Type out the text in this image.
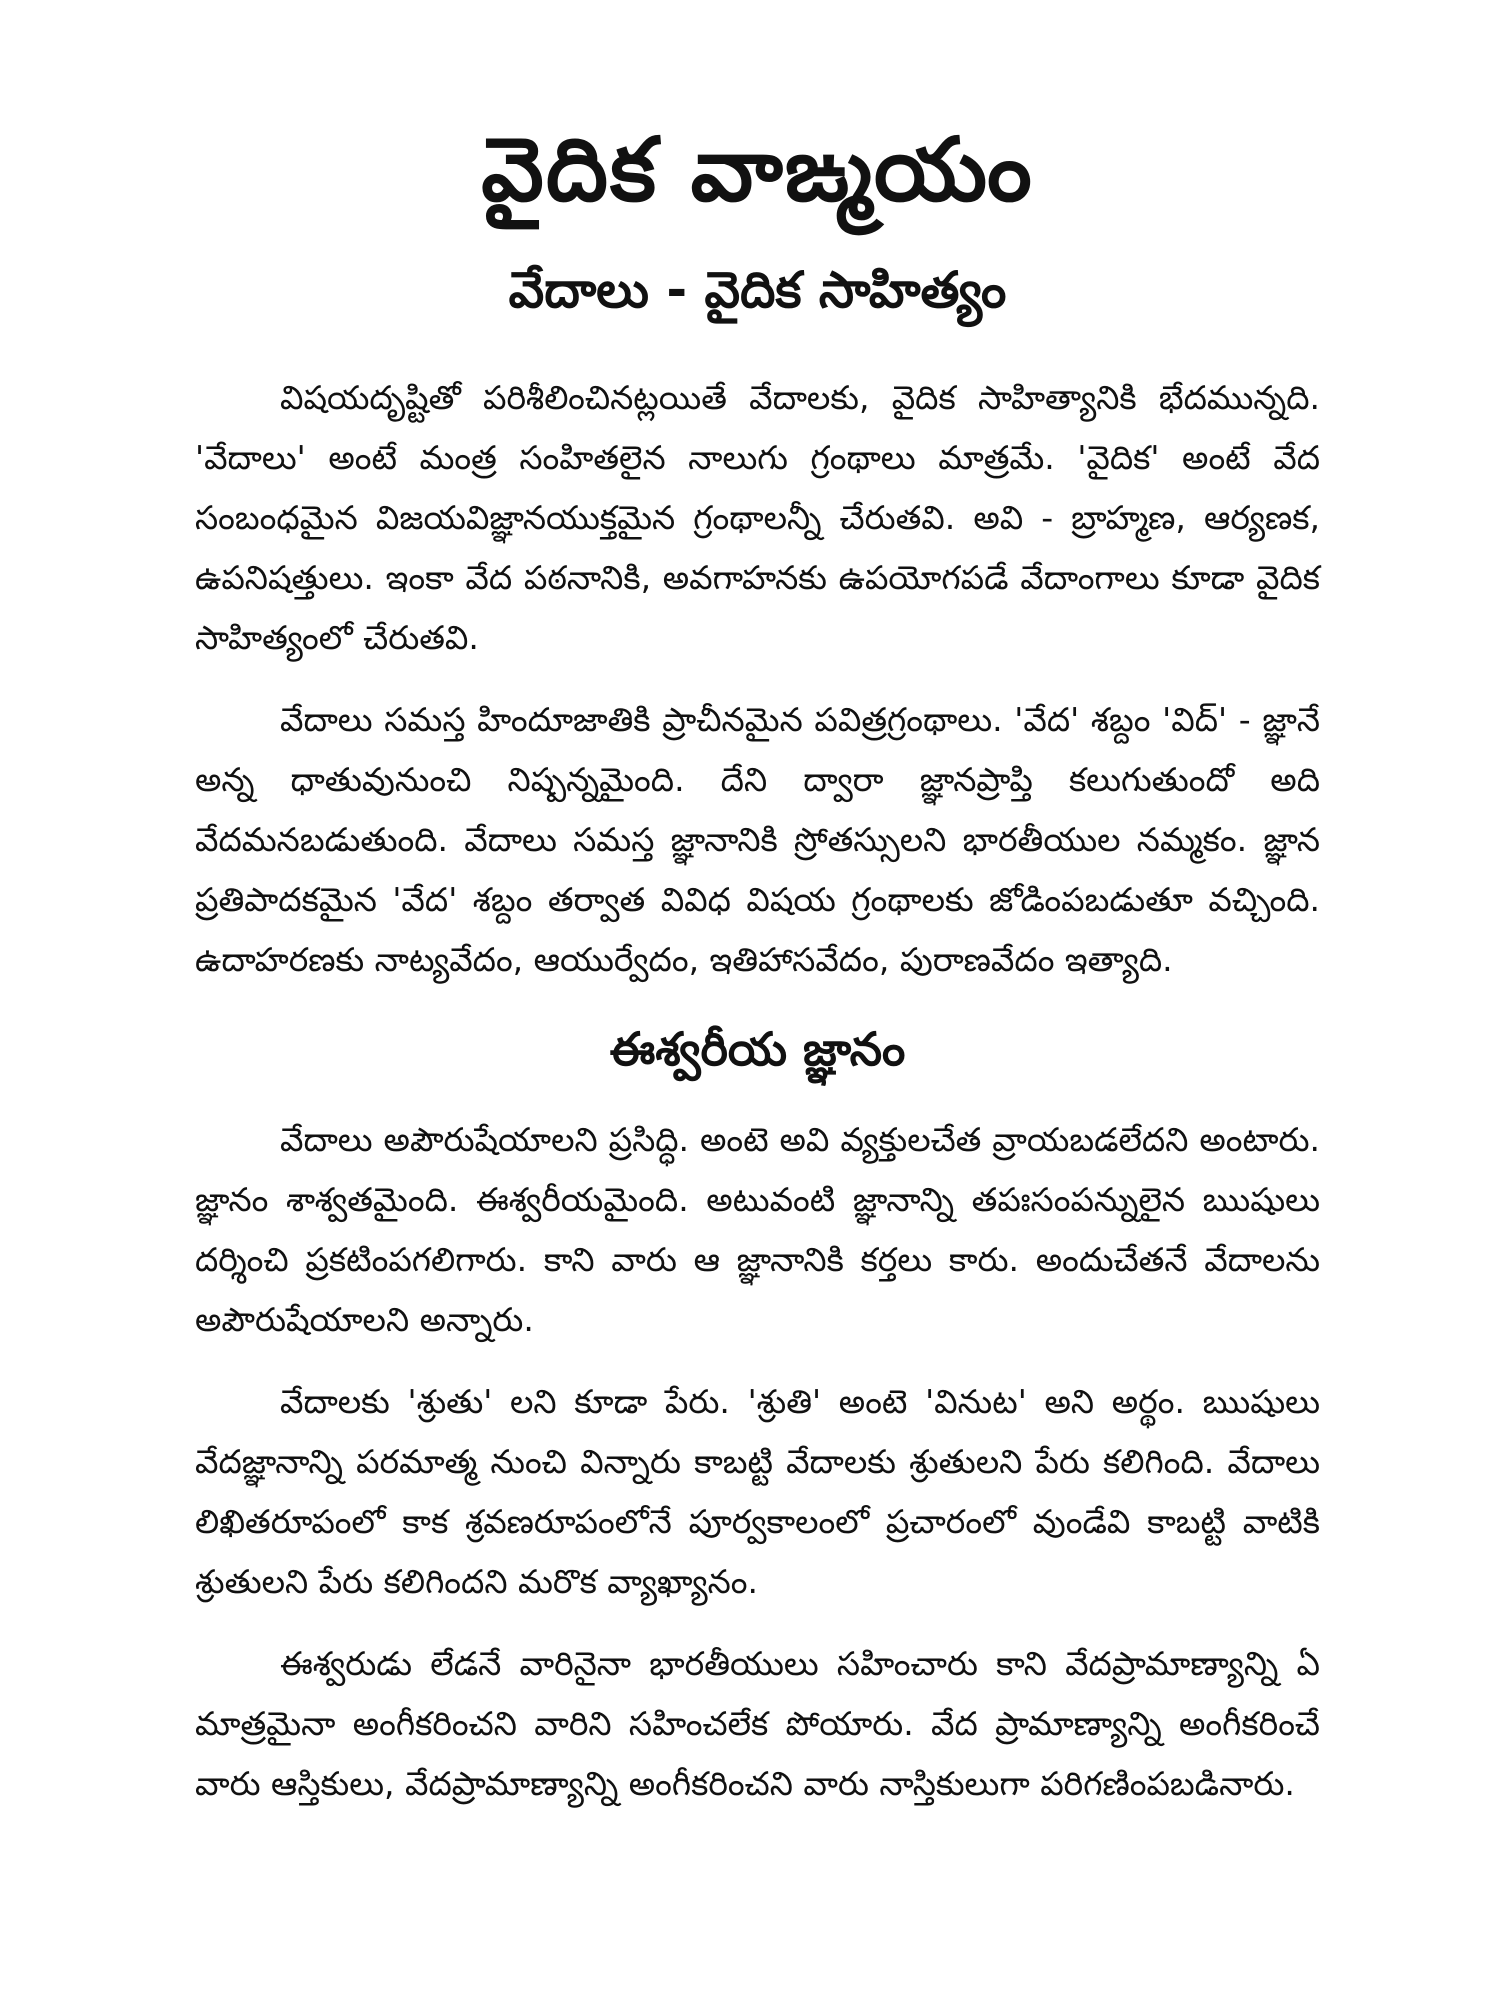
వైదిక వాఙ్మయం
వేదాలు - వైదిక సాహిత్యం

విషయదృష్టితో పరిశీలించినట్లయితే వేదాలకు, వైదిక సాహిత్యానికి భేదమున్నది. 'వేదాలు' అంటే మంత్ర సంహితలైన నాలుగు గ్రంథాలు మాత్రమే. 'వైదిక' అంటే వేద సంబంధమైన విజయవిజ్ఞానయుక్తమైన గ్రంథాలన్నీ చేరుతవి. అవి - బ్రాహ్మణ, ఆర్యణక, ఉపనిషత్తులు. ఇంకా వేద పఠనానికి, అవగాహనకు ఉపయోగపడే వేదాంగాలు కూడా వైదిక సాహిత్యంలో చేరుతవి.

వేదాలు సమస్త హిందూజాతికి ప్రాచీనమైన పవిత్రగ్రంథాలు. 'వేద' శబ్దం 'విద్' - జ్ఞానే అన్న ధాతువునుంచి నిష్పన్నమైంది. దేని ద్వారా జ్ఞానప్రాప్తి కలుగుతుందో అది వేదమనబడుతుంది. వేదాలు సమస్త జ్ఞానానికి స్రోతస్సులని భారతీయుల నమ్మకం. జ్ఞాన ప్రతిపాదకమైన 'వేద' శబ్దం తర్వాత వివిధ విషయ గ్రంథాలకు జోడింపబడుతూ వచ్చింది. ఉదాహరణకు నాట్యవేదం, ఆయుర్వేదం, ఇతిహాసవేదం, పురాణవేదం ఇత్యాది.

ఈశ్వరీయ జ్ఞానం

వేదాలు అపౌరుషేయాలని ప్రసిద్ధి. అంటె అవి వ్యక్తులచేత వ్రాయబడలేదని అంటారు. జ్ఞానం శాశ్వతమైంది. ఈశ్వరీయమైంది. అటువంటి జ్ఞానాన్ని తపఃసంపన్నులైన ఋషులు దర్శించి ప్రకటింపగలిగారు. కాని వారు ఆ జ్ఞానానికి కర్తలు కారు. అందుచేతనే వేదాలను అపౌరుషేయాలని అన్నారు.

వేదాలకు 'శ్రుతు' లని కూడా పేరు. 'శ్రుతి' అంటె 'వినుట' అని అర్థం. ఋషులు వేదజ్ఞానాన్ని పరమాత్మ నుంచి విన్నారు కాబట్టి వేదాలకు శ్రుతులని పేరు కలిగింది. వేదాలు లిఖితరూపంలో కాక శ్రవణరూపంలోనే పూర్వకాలంలో ప్రచారంలో వుండేవి కాబట్టి వాటికి శ్రుతులని పేరు కలిగిందని మరొక వ్యాఖ్యానం.

ఈశ్వరుడు లేడనే వారినైనా భారతీయులు సహించారు కాని వేదప్రామాణ్యాన్ని ఏ మాత్రమైనా అంగీకరించని వారిని సహించలేక పోయారు. వేద ప్రామాణ్యాన్ని అంగీకరించే వారు ఆస్తికులు, వేదప్రామాణ్యాన్ని అంగీకరించని వారు నాస్తికులుగా పరిగణింపబడినారు.
